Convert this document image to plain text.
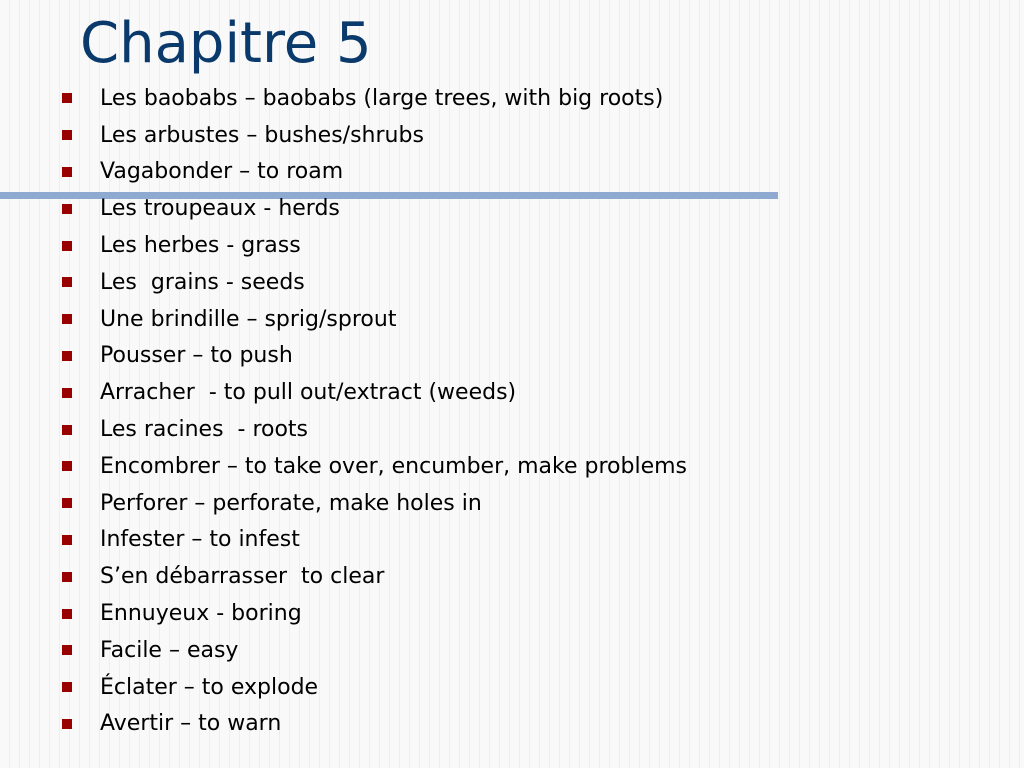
Chapitre 5
Les baobabs – baobabs (large trees, with big roots)
Les arbustes – bushes/shrubs
Vagabonder – to roam
Les troupeaux - herds
Les herbes - grass
Les  grains - seeds
Une brindille – sprig/sprout
Pousser – to push
Arracher  - to pull out/extract (weeds)
Les racines  - roots
Encombrer – to take over, encumber, make problems
Perforer – perforate, make holes in
Infester – to infest
S’en débarrasser  to clear
Ennuyeux - boring
Facile – easy
Éclater – to explode
Avertir – to warn
